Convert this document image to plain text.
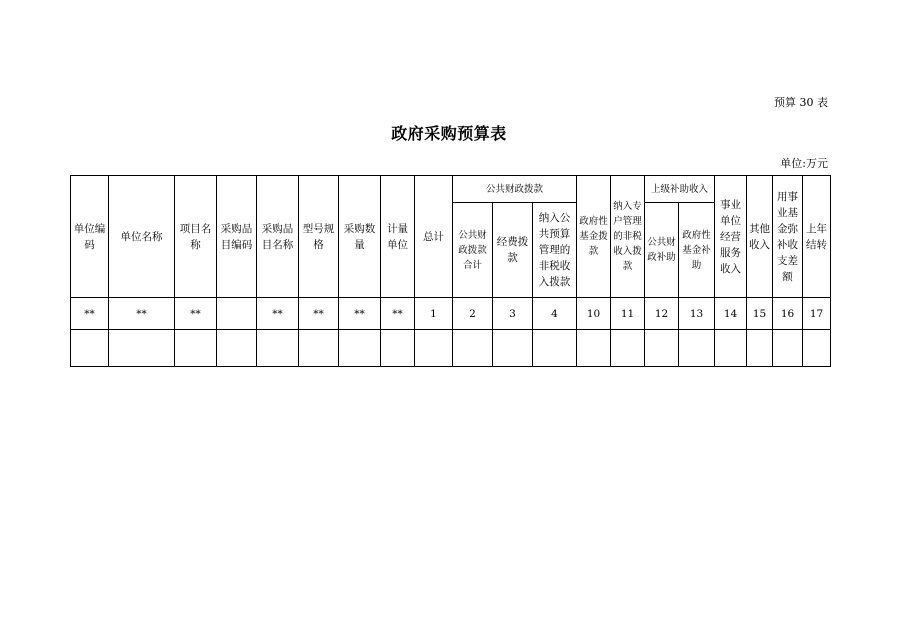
预算 30 表
政府采购预算表
单位:万元
单位编码	单位名称	项目名称	采购品目编码	采购品目名称	型号规格	采购数量	计量单位	总计	公共财政拨款			政府性基金拨款	纳入专户管理的非税收入拨款	上级补助收入		事业单位经营服务收入	其他收入	用事业基金弥补收支差额	上年结转
									公共财政拨款合计	经费拨款	纳入公共预算管理的非税收入拨款			公共财政补助	政府性基金补助				
**	**	**		**	**	**	**	1	2	3	4	10	11	12	13	14	15	16	17
